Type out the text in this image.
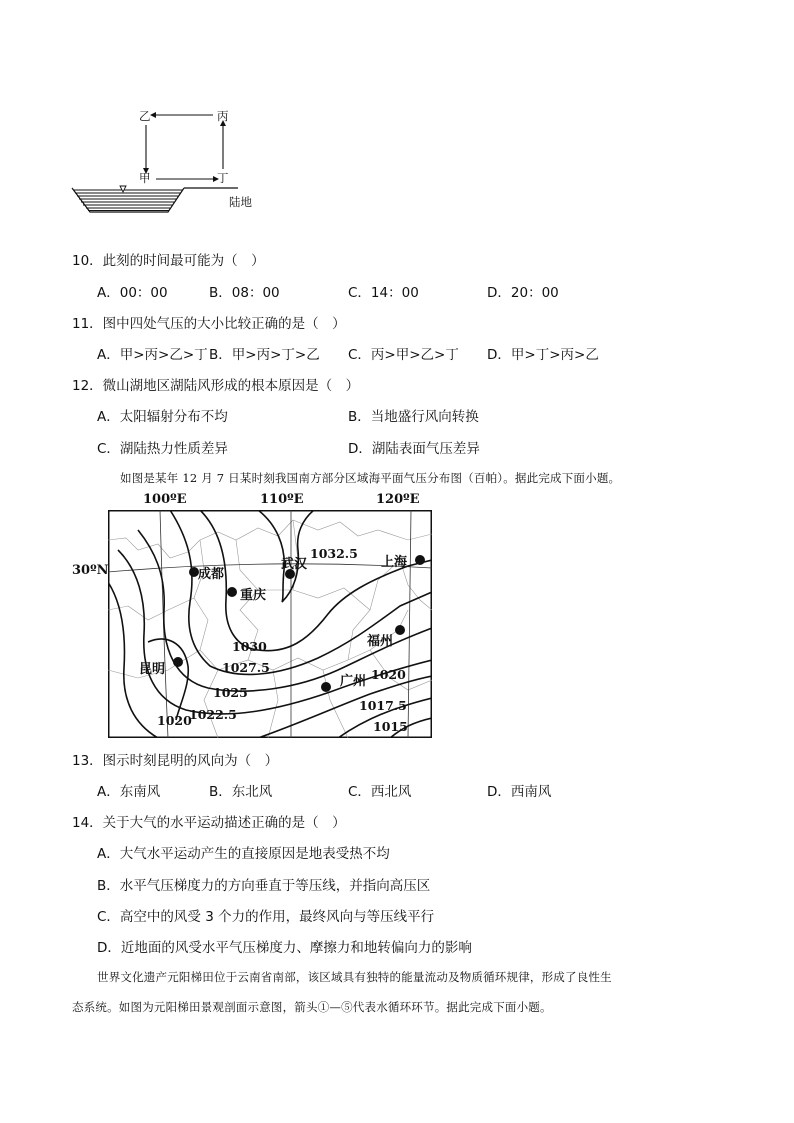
乙	丙
甲	丁
陆地
10．此刻的时间最可能为（　）
A．00：00	B．08：00	C．14：00	D．20：00
11．图中四处气压的大小比较正确的是（　）
A．甲>丙>乙>丁 B．甲>丙>丁>乙 C．丙>甲>乙>丁 D．甲>丁>丙>乙
12．微山湖地区湖陆风形成的根本原因是（　）
A．太阳辐射分布不均	B．当地盛行风向转换
C．湖陆热力性质差异	D．湖陆表面气压差异
如图是某年 12 月 7 日某时刻我国南方部分区域海平面气压分布图（百帕）。据此完成下面小题。
100ºE	110ºE	120ºE
30ºN	成都
重庆
武汉	上海
福州
昆明
广州
1032.5
1030
1027.5
1025
1022.5
1020
1020
1017.5
1015
13．图示时刻昆明的风向为（　）
A．东南风	B．东北风	C．西北风	D．西南风
14．关于大气的水平运动描述正确的是（　）
A．大气水平运动产生的直接原因是地表受热不均
B．水平气压梯度力的方向垂直于等压线，并指向高压区
C．高空中的风受 3 个力的作用，最终风向与等压线平行
D．近地面的风受水平气压梯度力、摩擦力和地转偏向力的影响
世界文化遗产元阳梯田位于云南省南部，该区域具有独特的能量流动及物质循环规律，形成了良性生
态系统。如图为元阳梯田景观剖面示意图，箭头①—⑤代表水循环环节。据此完成下面小题。
